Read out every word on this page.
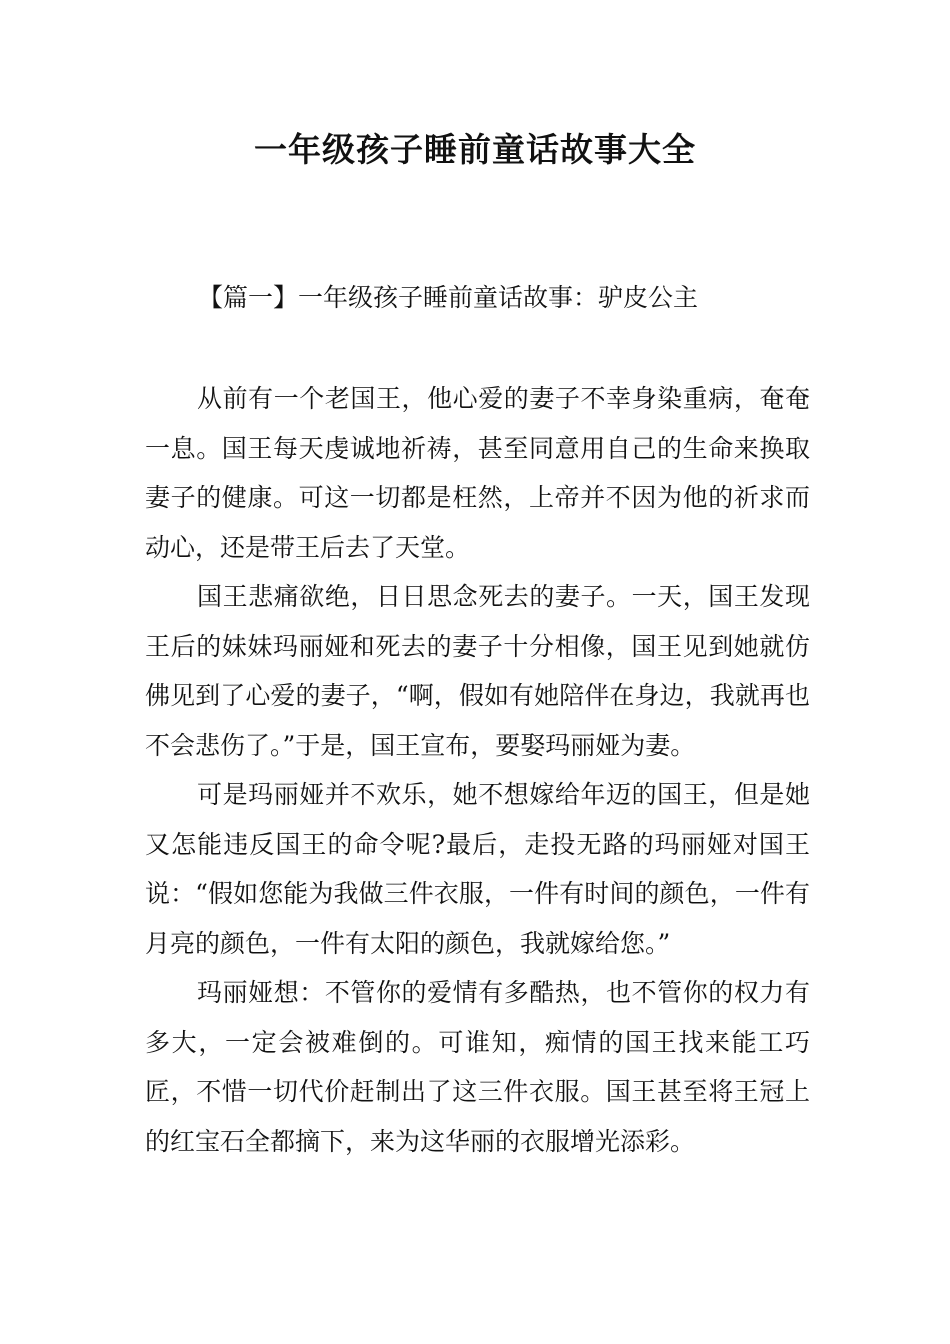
一年级孩子睡前童话故事大全

【篇一】一年级孩子睡前童话故事：驴皮公主

从前有一个老国王，他心爱的妻子不幸身染重病，奄奄一息。国王每天虔诚地祈祷，甚至同意用自己的生命来换取妻子的健康。可这一切都是枉然，上帝并不因为他的祈求而动心，还是带王后去了天堂。

国王悲痛欲绝，日日思念死去的妻子。一天，国王发现王后的妹妹玛丽娅和死去的妻子十分相像，国王见到她就仿佛见到了心爱的妻子，“啊，假如有她陪伴在身边，我就再也不会悲伤了。”于是，国王宣布，要娶玛丽娅为妻。

可是玛丽娅并不欢乐，她不想嫁给年迈的国王，但是她又怎能违反国王的命令呢?最后，走投无路的玛丽娅对国王说：“假如您能为我做三件衣服，一件有时间的颜色，一件有月亮的颜色，一件有太阳的颜色，我就嫁给您。”

玛丽娅想：不管你的爱情有多酷热，也不管你的权力有多大，一定会被难倒的。可谁知，痴情的国王找来能工巧匠，不惜一切代价赶制出了这三件衣服。国王甚至将王冠上的红宝石全都摘下，来为这华丽的衣服增光添彩。
